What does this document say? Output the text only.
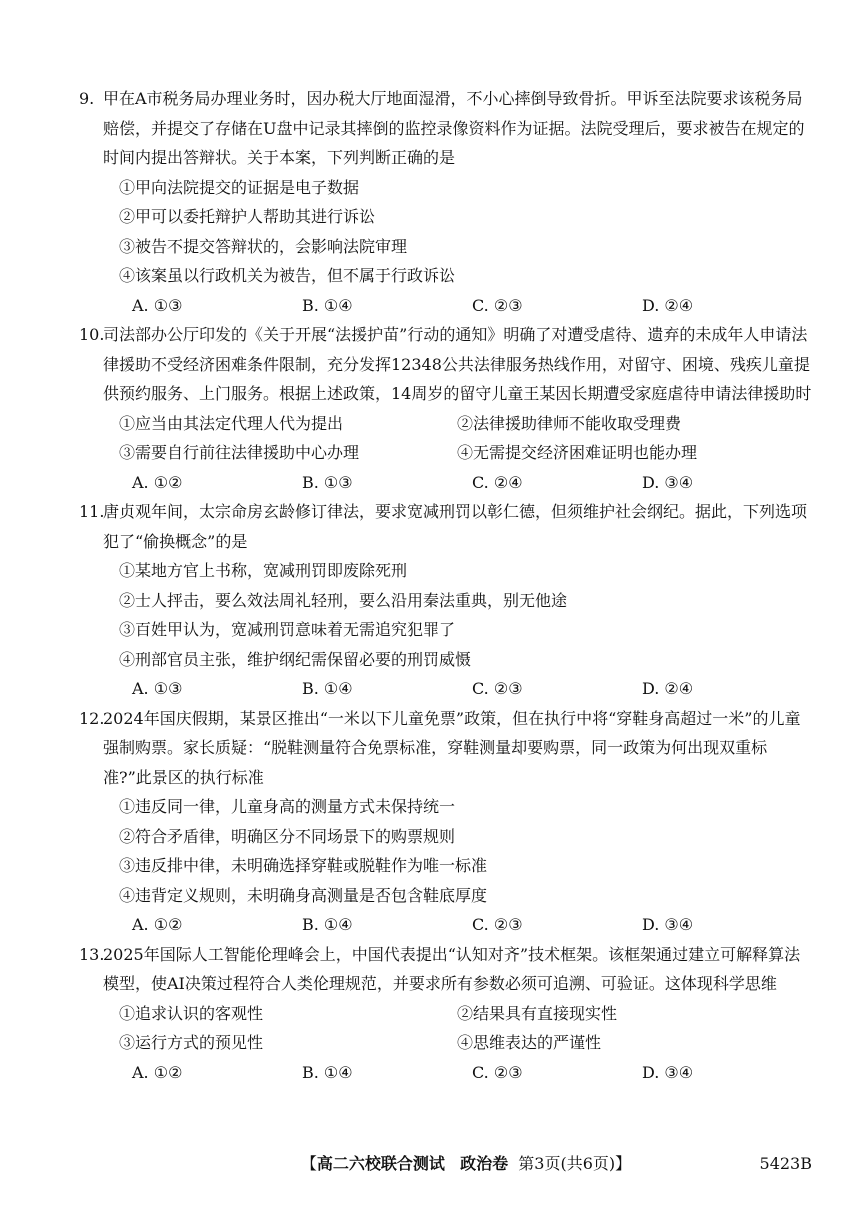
9. 甲在A市税务局办理业务时，因办税大厅地面湿滑，不小心摔倒导致骨折。甲诉至法院要求该税务局赔偿，并提交了存储在U盘中记录其摔倒的监控录像资料作为证据。法院受理后，要求被告在规定的时间内提出答辩状。关于本案，下列判断正确的是
①甲向法院提交的证据是电子数据
②甲可以委托辩护人帮助其进行诉讼
③被告不提交答辩状的，会影响法院审理
④该案虽以行政机关为被告，但不属于行政诉讼
A. ①③	B. ①④	C. ②③	D. ②④
10.司法部办公厅印发的《关于开展“法援护苗”行动的通知》明确了对遭受虐待、遗弃的未成年人申请法律援助不受经济困难条件限制，充分发挥12348公共法律服务热线作用，对留守、困境、残疾儿童提供预约服务、上门服务。根据上述政策，14周岁的留守儿童王某因长期遭受家庭虐待申请法律援助时
①应当由其法定代理人代为提出	②法律援助律师不能收取受理费
③需要自行前往法律援助中心办理	④无需提交经济困难证明也能办理
A. ①②	B. ①③	C. ②④	D. ③④
11.唐贞观年间，太宗命房玄龄修订律法，要求宽减刑罚以彰仁德，但须维护社会纲纪。据此，下列选项犯了“偷换概念”的是
①某地方官上书称，宽减刑罚即废除死刑
②士人抨击，要么效法周礼轻刑，要么沿用秦法重典，别无他途
③百姓甲认为，宽减刑罚意味着无需追究犯罪了
④刑部官员主张，维护纲纪需保留必要的刑罚威慑
A. ①③	B. ①④	C. ②③	D. ②④
12.2024年国庆假期，某景区推出“一米以下儿童免票”政策，但在执行中将“穿鞋身高超过一米”的儿童强制购票。家长质疑：“脱鞋测量符合免票标准，穿鞋测量却要购票，同一政策为何出现双重标准?”此景区的执行标准
①违反同一律，儿童身高的测量方式未保持统一
②符合矛盾律，明确区分不同场景下的购票规则
③违反排中律，未明确选择穿鞋或脱鞋作为唯一标准
④违背定义规则，未明确身高测量是否包含鞋底厚度
A. ①②	B. ①④	C. ②③	D. ③④
13.2025年国际人工智能伦理峰会上，中国代表提出“认知对齐”技术框架。该框架通过建立可解释算法模型，使AI决策过程符合人类伦理规范，并要求所有参数必须可追溯、可验证。这体现科学思维
①追求认识的客观性	②结果具有直接现实性
③运行方式的预见性	④思维表达的严谨性
A. ①②	B. ①④	C. ②③	D. ③④
【高二六校联合测试 政治卷 第3页(共6页)】	5423B
